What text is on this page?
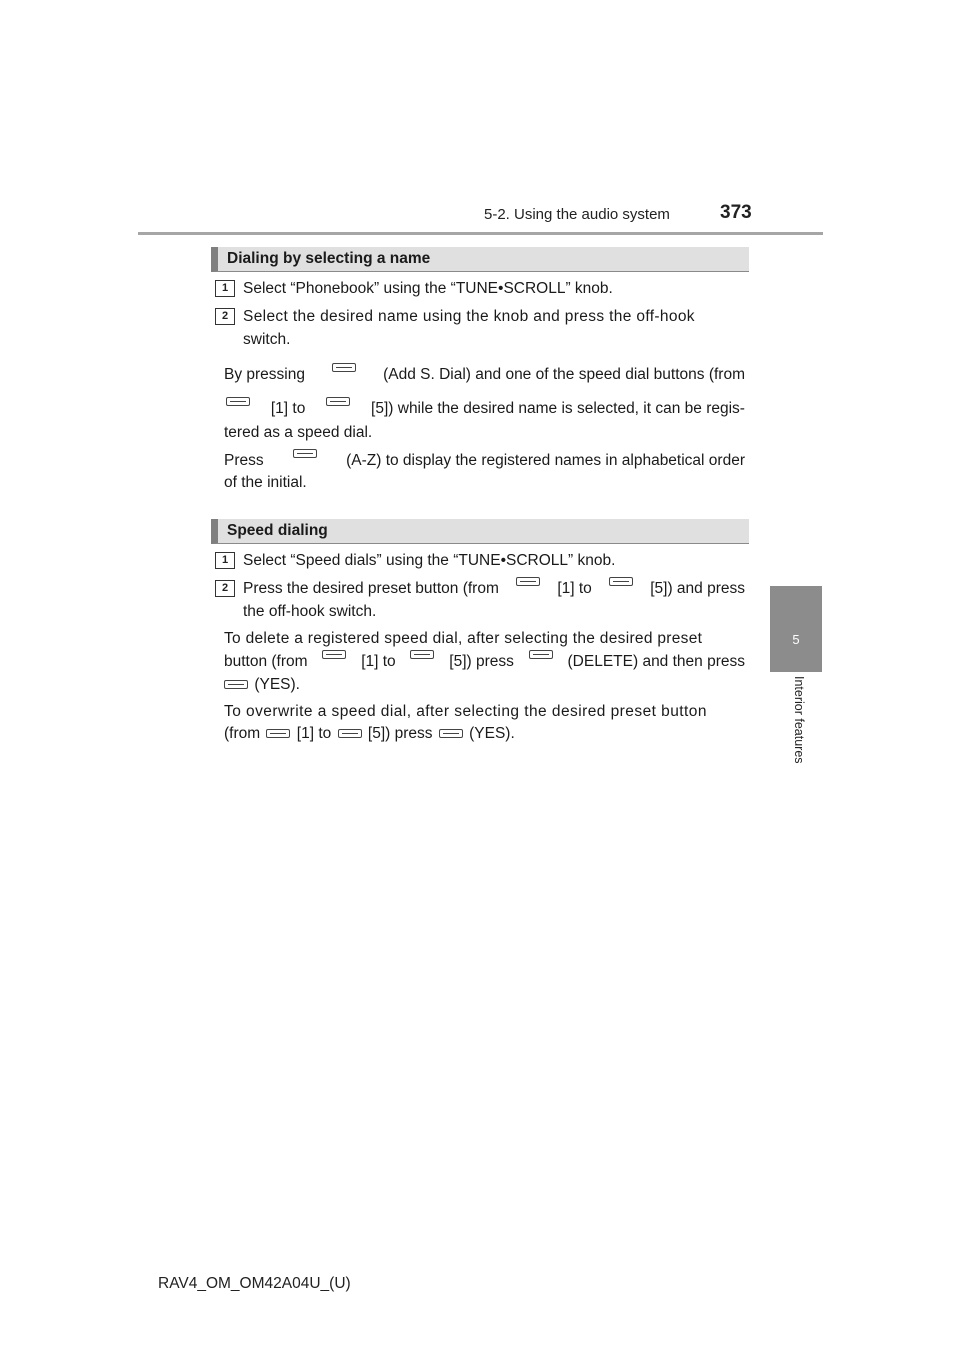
5-2. Using the audio system	373
5
Interior features
Dialing by selecting a name
1 Select “Phonebook” using the “TUNE•SCROLL” knob.
2 Select the desired name using the knob and press the off-hook
switch.
By pressing	(Add S. Dial) and one of the speed dial buttons (from
[1] to	[5]) while the desired name is selected, it can be regis-
tered as a speed dial.
Press	(A-Z) to display the registered names in alphabetical order
of the initial.
Speed dialing
1 Select “Speed dials” using the “TUNE•SCROLL” knob.
2 Press the desired preset button (from	[1] to	[5]) and press
the off-hook switch.
To delete a registered speed dial, after selecting the desired preset
button (from	[1] to	[5]) press	(DELETE) and then press
(YES).
To overwrite a speed dial, after selecting the desired preset button
(from [1] to [5]) press (YES).
RAV4_OM_OM42A04U_(U)
